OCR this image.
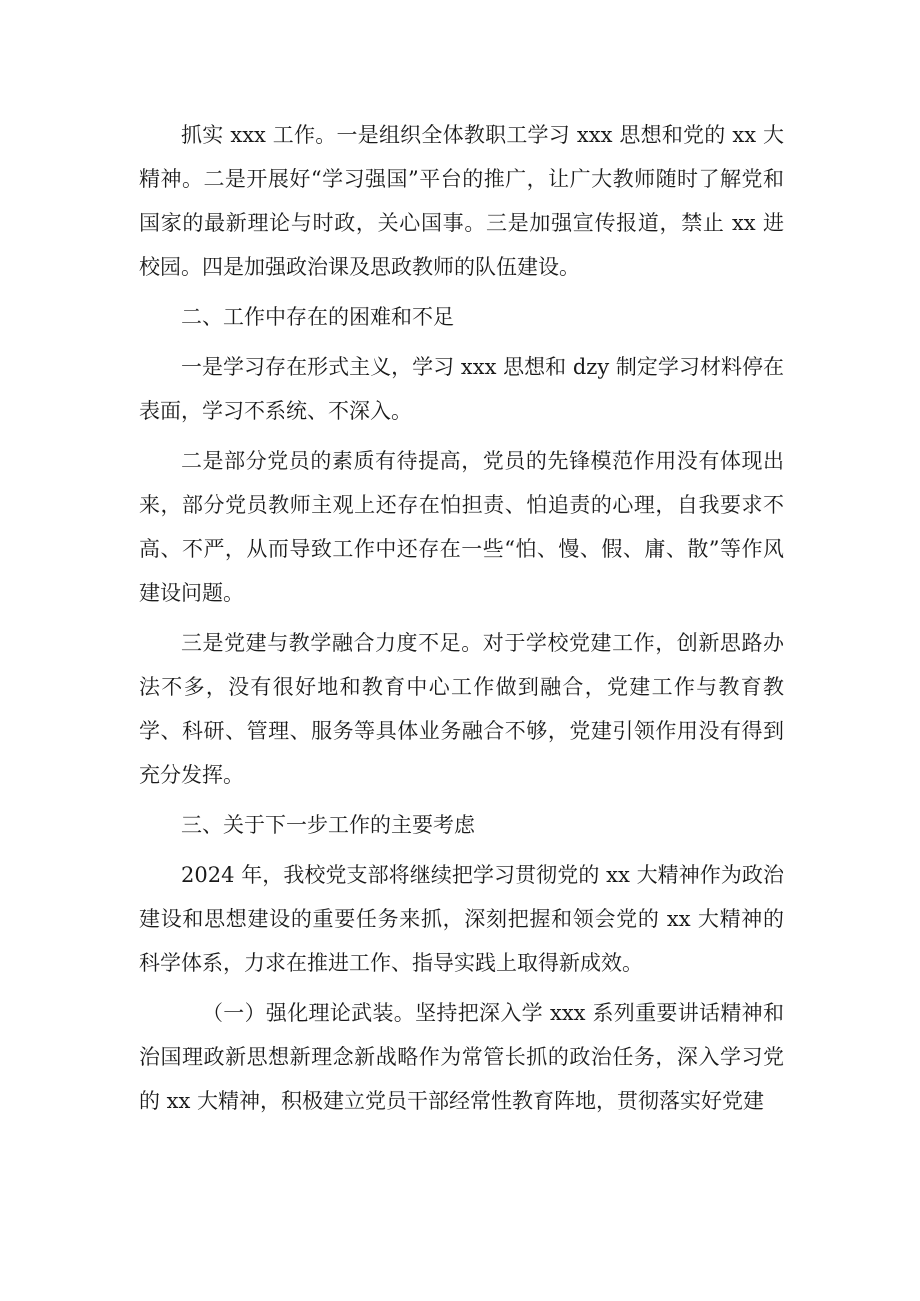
抓实 xxx 工作。一是组织全体教职工学习 xxx 思想和党的 xx 大精神。二是开展好“学习强国”平台的推广，让广大教师随时了解党和国家的最新理论与时政，关心国事。三是加强宣传报道，禁止 xx 进校园。四是加强政治课及思政教师的队伍建设。

二、工作中存在的困难和不足

一是学习存在形式主义，学习 xxx 思想和 dzy 制定学习材料停在表面，学习不系统、不深入。

二是部分党员的素质有待提高，党员的先锋模范作用没有体现出来，部分党员教师主观上还存在怕担责、怕追责的心理，自我要求不高、不严，从而导致工作中还存在一些“怕、慢、假、庸、散”等作风建设问题。

三是党建与教学融合力度不足。对于学校党建工作，创新思路办法不多，没有很好地和教育中心工作做到融合，党建工作与教育教学、科研、管理、服务等具体业务融合不够，党建引领作用没有得到充分发挥。

三、关于下一步工作的主要考虑

2024 年，我校党支部将继续把学习贯彻党的 xx 大精神作为政治建设和思想建设的重要任务来抓，深刻把握和领会党的 xx 大精神的科学体系，力求在推进工作、指导实践上取得新成效。

（一）强化理论武装。坚持把深入学 xxx 系列重要讲话精神和治国理政新思想新理念新战略作为常管长抓的政治任务，深入学习党的 xx 大精神，积极建立党员干部经常性教育阵地，贯彻落实好党建
